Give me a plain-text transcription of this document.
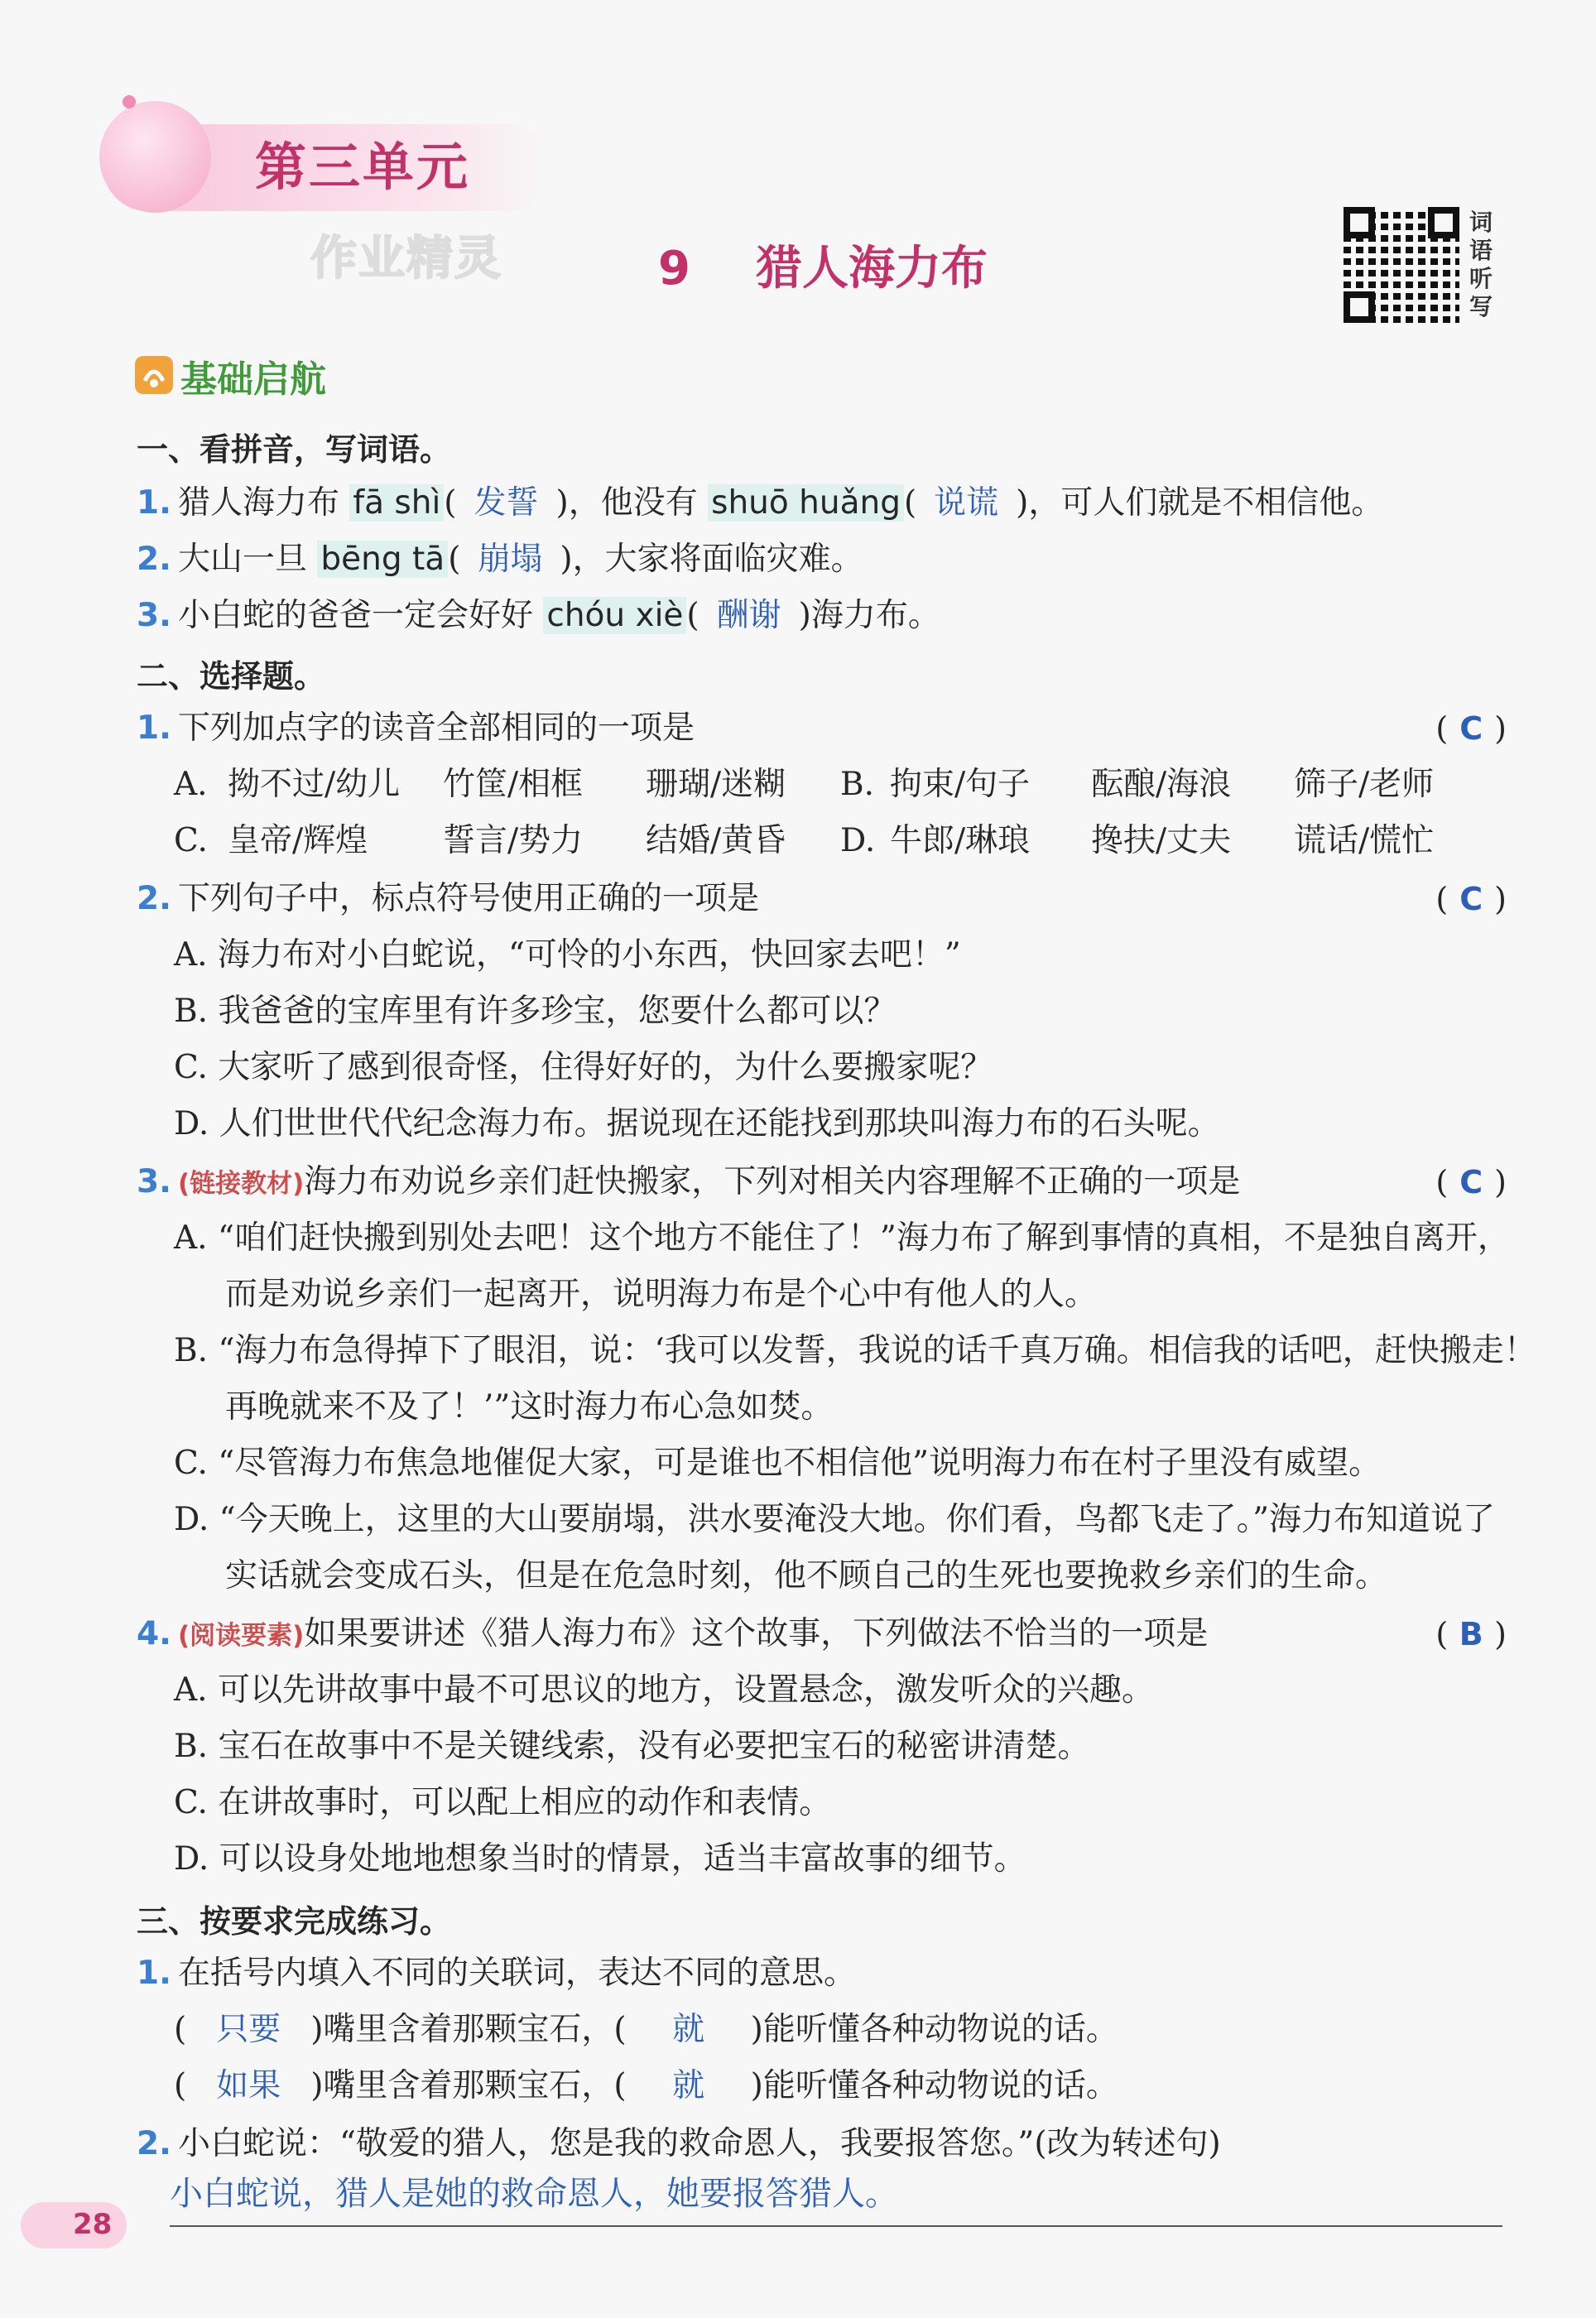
第三单元
作业精灵	9 猎人海力布
词
语
听
写
基础启航
一、看拼音，写词语。
1. 猎人海力布 fā shì ( 发誓 )，他没有 shuō huǎng ( 说谎 )，可人们就是不相信他。
2. 大山一旦 bēng tā ( 崩塌 )，大家将面临灾难。
3. 小白蛇的爸爸一定会好好 chóu xiè ( 酬谢 )海力布。
二、选择题。
1. 下列加点字的读音全部相同的一项是	( C )
A. 拗不过/幼儿 竹筐/相框 珊瑚/迷糊 B. 拘束/句子 酝酿/海浪 筛子/老师
C. 皇帝/辉煌 誓言/势力 结婚/黄昏 D. 牛郎/琳琅 搀扶/丈夫 谎话/慌忙
2. 下列句子中，标点符号使用正确的一项是	( C )
A. 海力布对小白蛇说，“可怜的小东西，快回家去吧！”
B. 我爸爸的宝库里有许多珍宝，您要什么都可以？
C. 大家听了感到很奇怪，住得好好的，为什么要搬家呢？
D. 人们世世代代纪念海力布。据说现在还能找到那块叫海力布的石头呢。
3. (链接教材)海力布劝说乡亲们赶快搬家，下列对相关内容理解不正确的一项是	( C )
A. “咱们赶快搬到别处去吧！这个地方不能住了！”海力布了解到事情的真相，不是独自离开，
而是劝说乡亲们一起离开，说明海力布是个心中有他人的人。
B. “海力布急得掉下了眼泪，说：‘我可以发誓，我说的话千真万确。相信我的话吧，赶快搬走！
再晚就来不及了！’”这时海力布心急如焚。
C. “尽管海力布焦急地催促大家，可是谁也不相信他”说明海力布在村子里没有威望。
D. “今天晚上，这里的大山要崩塌，洪水要淹没大地。你们看，鸟都飞走了。”海力布知道说了
实话就会变成石头，但是在危急时刻，他不顾自己的生死也要挽救乡亲们的生命。
4. (阅读要素)如果要讲述《猎人海力布》这个故事，下列做法不恰当的一项是	( B )
A. 可以先讲故事中最不可思议的地方，设置悬念，激发听众的兴趣。
B. 宝石在故事中不是关键线索，没有必要把宝石的秘密讲清楚。
C. 在讲故事时，可以配上相应的动作和表情。
D. 可以设身处地地想象当时的情景，适当丰富故事的细节。
三、按要求完成练习。
1. 在括号内填入不同的关联词，表达不同的意思。
( 只要 )嘴里含着那颗宝石，( 就 )能听懂各种动物说的话。
( 如果 )嘴里含着那颗宝石，( 就 )能听懂各种动物说的话。
2. 小白蛇说：“敬爱的猎人，您是我的救命恩人，我要报答您。”(改为转述句)
小白蛇说，猎人是她的救命恩人，她要报答猎人。
28
